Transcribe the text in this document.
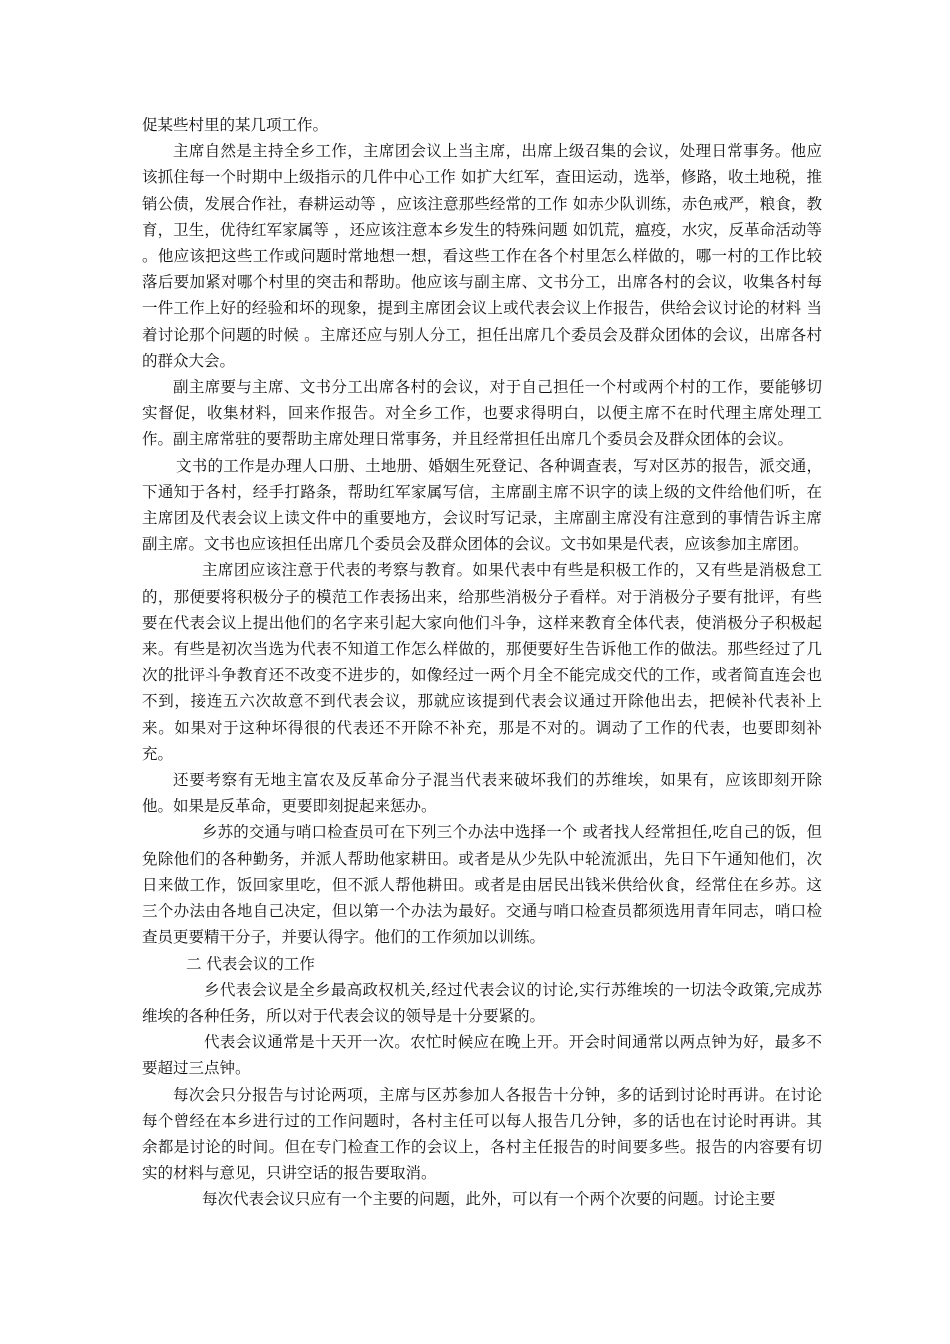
促某些村里的某几项工作。

主席自然是主持全乡工作，主席团会议上当主席，出席上级召集的会议，处理日常事务。他应该抓住每一个时期中上级指示的几件中心工作 如扩大红军，查田运动，选举，修路，收土地税，推销公债，发展合作社，春耕运动等 ，应该注意那些经常的工作 如赤少队训练，赤色戒严，粮食，教育，卫生，优待红军家属等 ，还应该注意本乡发生的特殊问题 如饥荒，瘟疫，水灾，反革命活动等 。他应该把这些工作或问题时常地想一想，看这些工作在各个村里怎么样做的，哪一村的工作比较落后要加紧对哪个村里的突击和帮助。他应该与副主席、文书分工，出席各村的会议，收集各村每一件工作上好的经验和坏的现象，提到主席团会议上或代表会议上作报告，供给会议讨论的材料 当着讨论那个问题的时候 。主席还应与别人分工，担任出席几个委员会及群众团体的会议，出席各村的群众大会。

副主席要与主席、文书分工出席各村的会议，对于自己担任一个村或两个村的工作，要能够切实督促，收集材料，回来作报告。对全乡工作，也要求得明白，以便主席不在时代理主席处理工作。副主席常驻的要帮助主席处理日常事务，并且经常担任出席几个委员会及群众团体的会议。

文书的工作是办理人口册、土地册、婚姻生死登记、各种调查表，写对区苏的报告，派交通，下通知于各村，经手打路条，帮助红军家属写信，主席副主席不识字的读上级的文件给他们听，在主席团及代表会议上读文件中的重要地方，会议时写记录，主席副主席没有注意到的事情告诉主席副主席。文书也应该担任出席几个委员会及群众团体的会议。文书如果是代表，应该参加主席团。

主席团应该注意于代表的考察与教育。如果代表中有些是积极工作的，又有些是消极怠工的，那便要将积极分子的模范工作表扬出来，给那些消极分子看样。对于消极分子要有批评，有些要在代表会议上提出他们的名字来引起大家向他们斗争，这样来教育全体代表，使消极分子积极起来。有些是初次当选为代表不知道工作怎么样做的，那便要好生告诉他工作的做法。那些经过了几次的批评斗争教育还不改变不进步的，如像经过一两个月全不能完成交代的工作，或者简直连会也不到，接连五六次故意不到代表会议，那就应该提到代表会议通过开除他出去，把候补代表补上来。如果对于这种坏得很的代表还不开除不补充，那是不对的。调动了工作的代表，也要即刻补充。

还要考察有无地主富农及反革命分子混当代表来破坏我们的苏维埃，如果有，应该即刻开除他。如果是反革命，更要即刻捉起来惩办。

乡苏的交通与哨口检查员可在下列三个办法中选择一个 或者找人经常担任,吃自己的饭，但免除他们的各种勤务，并派人帮助他家耕田。或者是从少先队中轮流派出，先日下午通知他们，次日来做工作，饭回家里吃，但不派人帮他耕田。或者是由居民出钱米供给伙食，经常住在乡苏。这三个办法由各地自己决定，但以第一个办法为最好。交通与哨口检查员都须选用青年同志，哨口检查员更要精干分子，并要认得字。他们的工作须加以训练。

二 代表会议的工作

乡代表会议是全乡最高政权机关,经过代表会议的讨论,实行苏维埃的一切法令政策,完成苏维埃的各种任务，所以对于代表会议的领导是十分要紧的。

代表会议通常是十天开一次。农忙时候应在晚上开。开会时间通常以两点钟为好，最多不要超过三点钟。

每次会只分报告与讨论两项，主席与区苏参加人各报告十分钟，多的话到讨论时再讲。在讨论每个曾经在本乡进行过的工作问题时，各村主任可以每人报告几分钟，多的话也在讨论时再讲。其余都是讨论的时间。但在专门检查工作的会议上，各村主任报告的时间要多些。报告的内容要有切实的材料与意见，只讲空话的报告要取消。

每次代表会议只应有一个主要的问题，此外，可以有一个两个次要的问题。讨论主要
